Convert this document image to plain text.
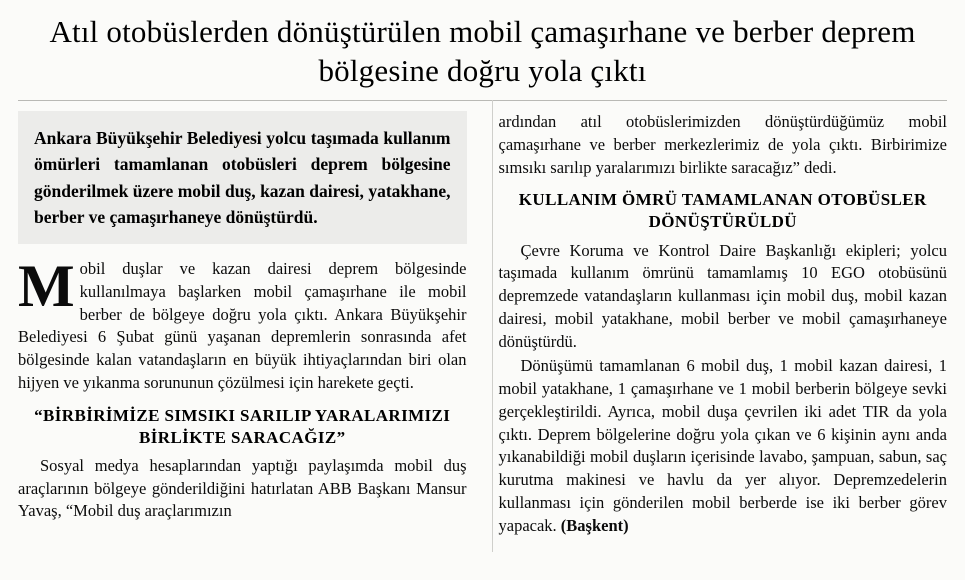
Atıl otobüslerden dönüştürülen mobil çamaşırhane ve berber deprem bölgesine doğru yola çıktı
Ankara Büyükşehir Belediyesi yolcu taşımada kullanım ömürleri tamamlanan otobüsleri deprem bölgesine gönderilmek üzere mobil duş, kazan dairesi, yatakhane, berber ve çamaşırhaneye dönüştürdü.

Mobil duşlar ve kazan dairesi deprem bölgesinde kullanılmaya başlarken mobil çamaşırhane ile mobil berber de bölgeye doğru yola çıktı. Ankara Büyükşehir Belediyesi 6 Şubat günü yaşanan depremlerin sonrasında afet bölgesinde kalan vatandaşların en büyük ihtiyaçlarından biri olan hijyen ve yıkanma sorununun çözülmesi için harekete geçti.

“BİRBİRİMİZE SIMSIKI SARILIP YARALARIMIZI BİRLİKTE SARACAĞIZ”

Sosyal medya hesaplarından yaptığı paylaşımda mobil duş araçlarının bölgeye gönderildiğini hatırlatan ABB Başkanı Mansur Yavaş, “Mobil duş araçlarımızın

ardından atıl otobüslerimizden dönüştürdüğümüz mobil çamaşırhane ve berber merkezlerimiz de yola çıktı. Birbirimize sımsıkı sarılıp yaralarımızı birlikte saracağız” dedi.

KULLANIM ÖMRÜ TAMAMLANAN OTOBÜSLER DÖNÜŞTÜRÜLDÜ

Çevre Koruma ve Kontrol Daire Başkanlığı ekipleri; yolcu taşımada kullanım ömrünü tamamlamış 10 EGO otobüsünü depremzede vatandaşların kullanması için mobil duş, mobil kazan dairesi, mobil yatakhane, mobil berber ve mobil çamaşırhaneye dönüştürdü.

Dönüşümü tamamlanan 6 mobil duş, 1 mobil kazan dairesi, 1 mobil yatakhane, 1 çamaşırhane ve 1 mobil berberin bölgeye sevki gerçekleştirildi. Ayrıca, mobil duşa çevrilen iki adet TIR da yola çıktı. Deprem bölgelerine doğru yola çıkan ve 6 kişinin aynı anda yıkanabildiği mobil duşların içerisinde lavabo, şampuan, sabun, saç kurutma makinesi ve havlu da yer alıyor. Depremzedelerin kullanması için gönderilen mobil berberde ise iki berber görev yapacak. (Başkent)
